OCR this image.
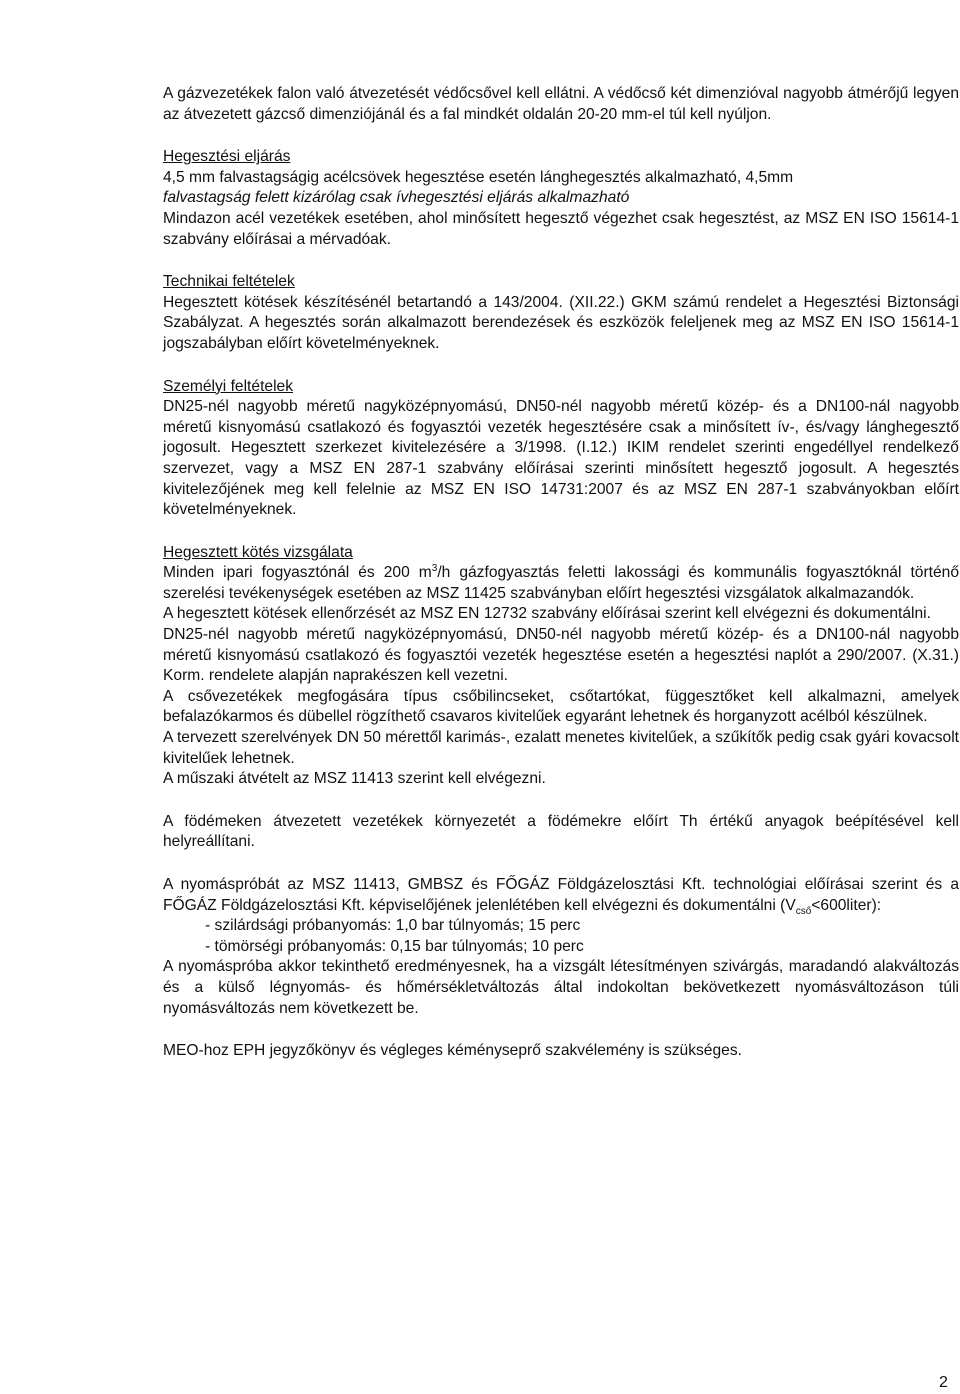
A gázvezetékek falon való átvezetését védőcsővel kell ellátni. A védőcső két dimenzióval nagyobb átmérőjű legyen az átvezetett gázcső dimenziójánál és a fal mindkét oldalán 20-20 mm-el túl kell nyúljon.

Hegesztési eljárás

4,5 mm falvastagságig acélcsövek hegesztése esetén lánghegesztés alkalmazható, 4,5mm

falvastagság felett kizárólag csak ívhegesztési eljárás alkalmazható

Mindazon acél vezetékek esetében, ahol minősített hegesztő végezhet csak hegesztést, az MSZ EN ISO 15614-1 szabvány előírásai a mérvadóak.

Technikai feltételek

Hegesztett kötések készítésénél betartandó a 143/2004. (XII.22.) GKM számú rendelet a Hegesztési Biztonsági Szabályzat. A hegesztés során alkalmazott berendezések és eszközök feleljenek meg az MSZ EN ISO 15614-1 jogszabályban előírt követelményeknek.

Személyi feltételek

DN25-nél nagyobb méretű nagyközépnyomású, DN50-nél nagyobb méretű közép- és a DN100-nál nagyobb méretű kisnyomású csatlakozó és fogyasztói vezeték hegesztésére csak a minősített ív-, és/vagy lánghegesztő jogosult. Hegesztett szerkezet kivitelezésére a 3/1998. (I.12.) IKIM rendelet szerinti engedéllyel rendelkező szervezet, vagy a MSZ EN 287-1 szabvány előírásai szerinti minősített hegesztő jogosult. A hegesztés kivitelezőjének meg kell felelnie az MSZ EN ISO 14731:2007 és az MSZ EN 287-1 szabványokban előírt követelményeknek.

Hegesztett kötés vizsgálata

Minden ipari fogyasztónál és 200 $m^3/h$ gázfogyasztás feletti lakossági és kommunális fogyasztóknál történő szerelési tevékenységek esetében az MSZ 11425 szabványban előírt hegesztési vizsgálatok alkalmazandók.

A hegesztett kötések ellenőrzését az MSZ EN 12732 szabvány előírásai szerint kell elvégezni és dokumentálni.

DN25-nél nagyobb méretű nagyközépnyomású, DN50-nél nagyobb méretű közép- és a DN100-nál nagyobb méretű kisnyomású csatlakozó és fogyasztói vezeték hegesztése esetén a hegesztési naplót a 290/2007. (X.31.) Korm. rendelete alapján naprakészen kell vezetni.

A csővezetékek megfogására típus csőbilincseket, csőtartókat, függesztőket kell alkalmazni, amelyek befalazókarmos és dübellel rögzíthető csavaros kivitelűek egyaránt lehetnek és horganyzott acélból készülnek.

A tervezett szerelvények DN 50 mérettől karimás-, ezalatt menetes kivitelűek, a szűkítők pedig csak gyári kovacsolt kivitelűek lehetnek.

A műszaki átvételt az MSZ 11413 szerint kell elvégezni.

A födémeken átvezetett vezetékek környezetét a födémekre előírt Th értékű anyagok beépítésével kell helyreállítani.

A nyomáspróbát az MSZ 11413, GMBSZ és FŐGÁZ Földgázelosztási Kft. technológiai előírásai szerint és a FŐGÁZ Földgázelosztási Kft. képviselőjének jelenlétében kell elvégezni és dokumentálni $(V_{cső}<600liter)$:

- szilárdsági próbanyomás: 1,0 bar túlnyomás; 15 perc

- tömörségi próbanyomás: 0,15 bar túlnyomás; 10 perc

A nyomáspróba akkor tekinthető eredményesnek, ha a vizsgált létesítményen szivárgás, maradandó alakváltozás és a külső légnyomás- és hőmérsékletváltozás által indokoltan bekövetkezett nyomásváltozáson túli nyomásváltozás nem következett be.

MEO-hoz EPH jegyzőkönyv és végleges kéményseprő szakvélemény is szükséges.

2
